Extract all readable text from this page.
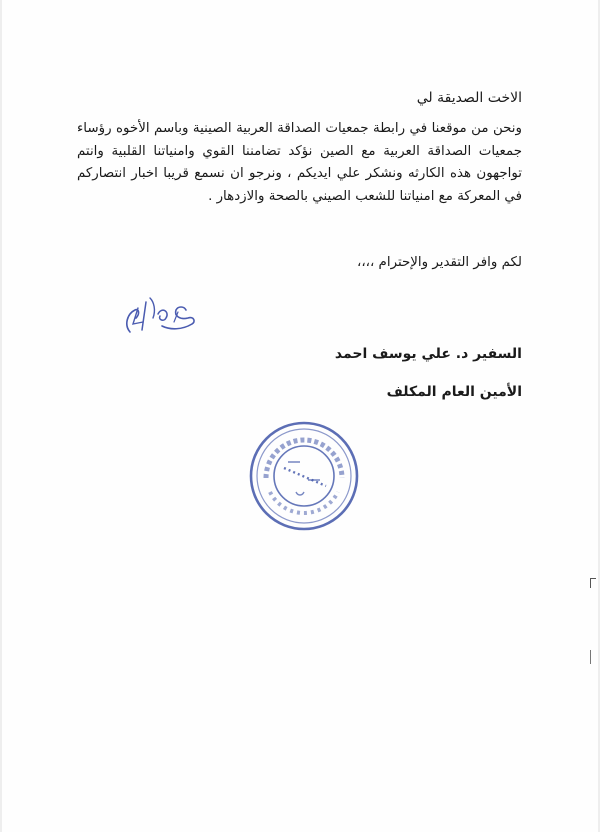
الاخت الصديقة لي
ونحن من موقعنا في رابطة جمعيات الصداقة العربية الصينية وباسم الأخوه رؤساء جمعيات الصداقة العربية مع الصين نؤكد تضامننا القوي وامنياتنا القلبية وانتم تواجهون هذه الكارثه ونشكر علي ايديكم ، ونرجو ان نسمع قريبا اخبار انتصاركم في المعركة مع امنياتنا للشعب الصيني بالصحة والازدهار .
لكم وافر التقدير والإحترام ،،،،
السفير د. علي يوسف احمد
الأمين العام المكلف
